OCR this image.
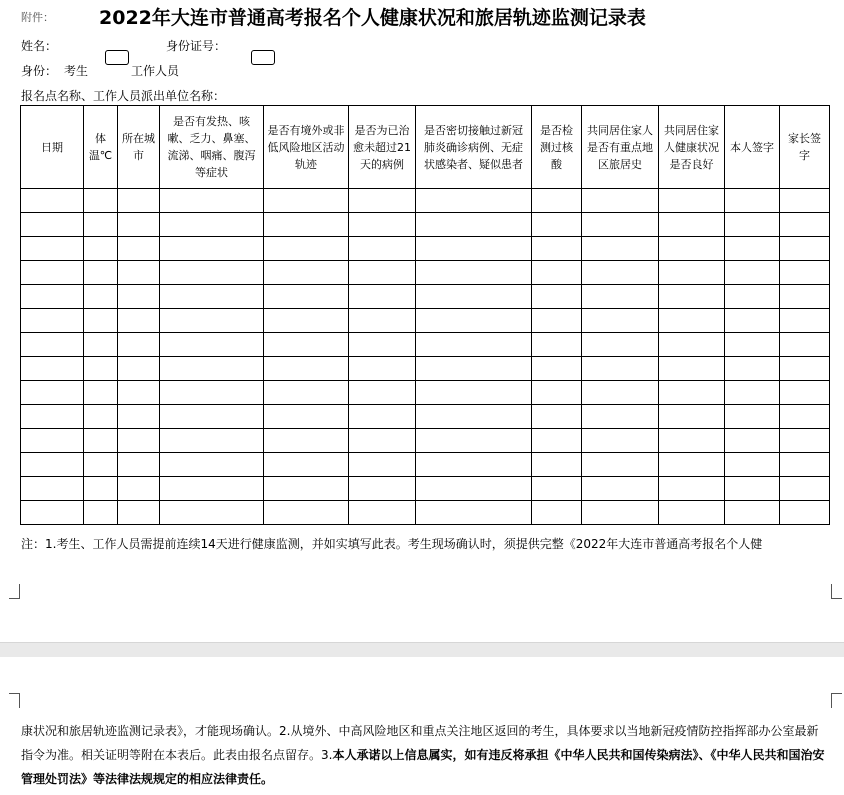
附件： 2022年大连市普通高考报名个人健康状况和旅居轨迹监测记录表
姓名：	身份证号：
身份： 考生	工作人员
报名点名称、工作人员派出单位名称：
日期	体温℃	所在城市	是否有发热、咳嗽、乏力、鼻塞、流涕、咽痛、腹泻等症状	是否有境外或非低风险地区活动轨迹	是否为已治愈未超过21天的病例	是否密切接触过新冠肺炎确诊病例、无症状感染者、疑似患者	是否检测过核酸	共同居住家人是否有重点地区旅居史	共同居住家人健康状况是否良好	本人签字	家长签字

注：1.考生、工作人员需提前连续14天进行健康监测，并如实填写此表。考生现场确认时，须提供完整《2022年大连市普通高考报名个人健
康状况和旅居轨迹监测记录表》，才能现场确认。2.从境外、中高风险地区和重点关注地区返回的考生，具体要求以当地新冠疫情防控指挥部办公室最新指令为准。相关证明等附在本表后。此表由报名点留存。3.本人承诺以上信息属实，如有违反将承担《中华人民共和国传染病法》、《中华人民共和国治安管理处罚法》等法律法规规定的相应法律责任。
